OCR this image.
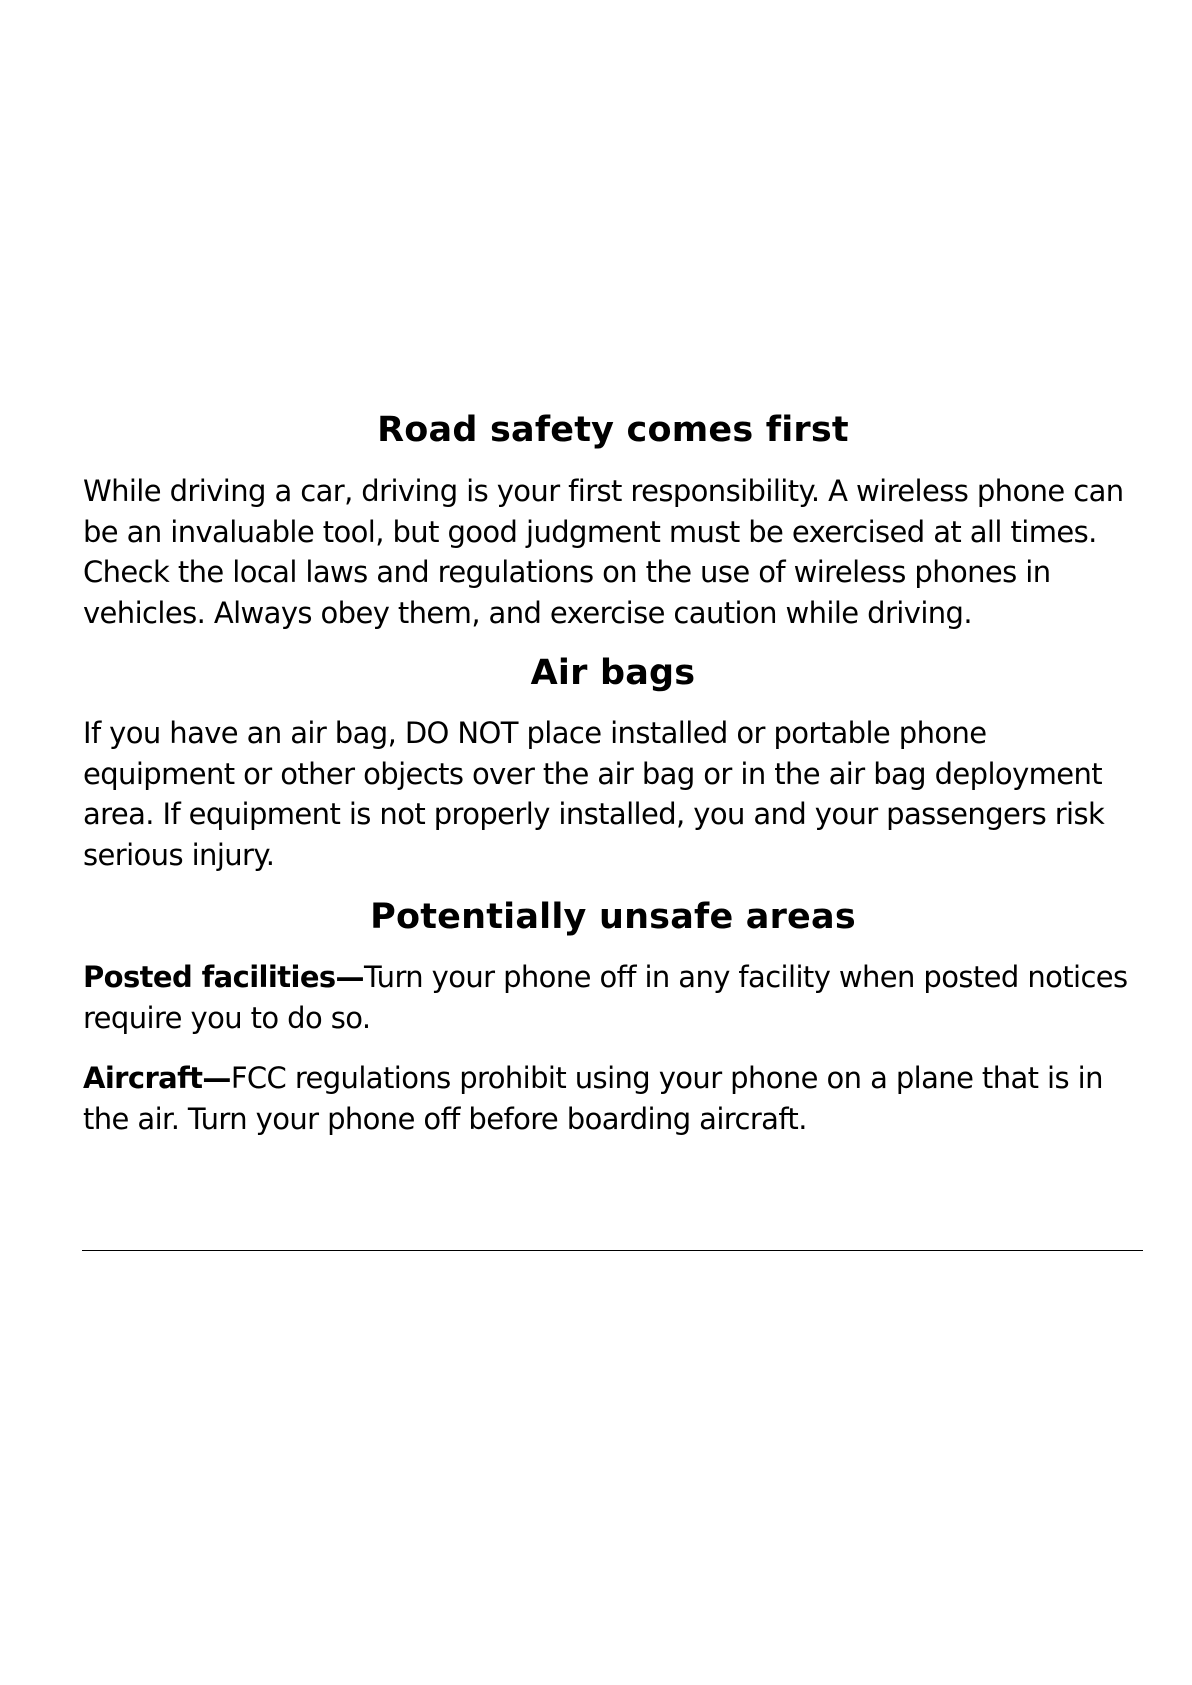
Road safety comes first

While driving a car, driving is your first responsibility. A wireless phone can be an invaluable tool, but good judgment must be exercised at all times. Check the local laws and regulations on the use of wireless phones in vehicles. Always obey them, and exercise caution while driving.

Air bags

If you have an air bag, DO NOT place installed or portable phone equipment or other objects over the air bag or in the air bag deployment area. If equipment is not properly installed, you and your passengers risk serious injury.

Potentially unsafe areas

Posted facilities—Turn your phone off in any facility when posted notices require you to do so.

Aircraft—FCC regulations prohibit using your phone on a plane that is in the air. Turn your phone off before boarding aircraft.
